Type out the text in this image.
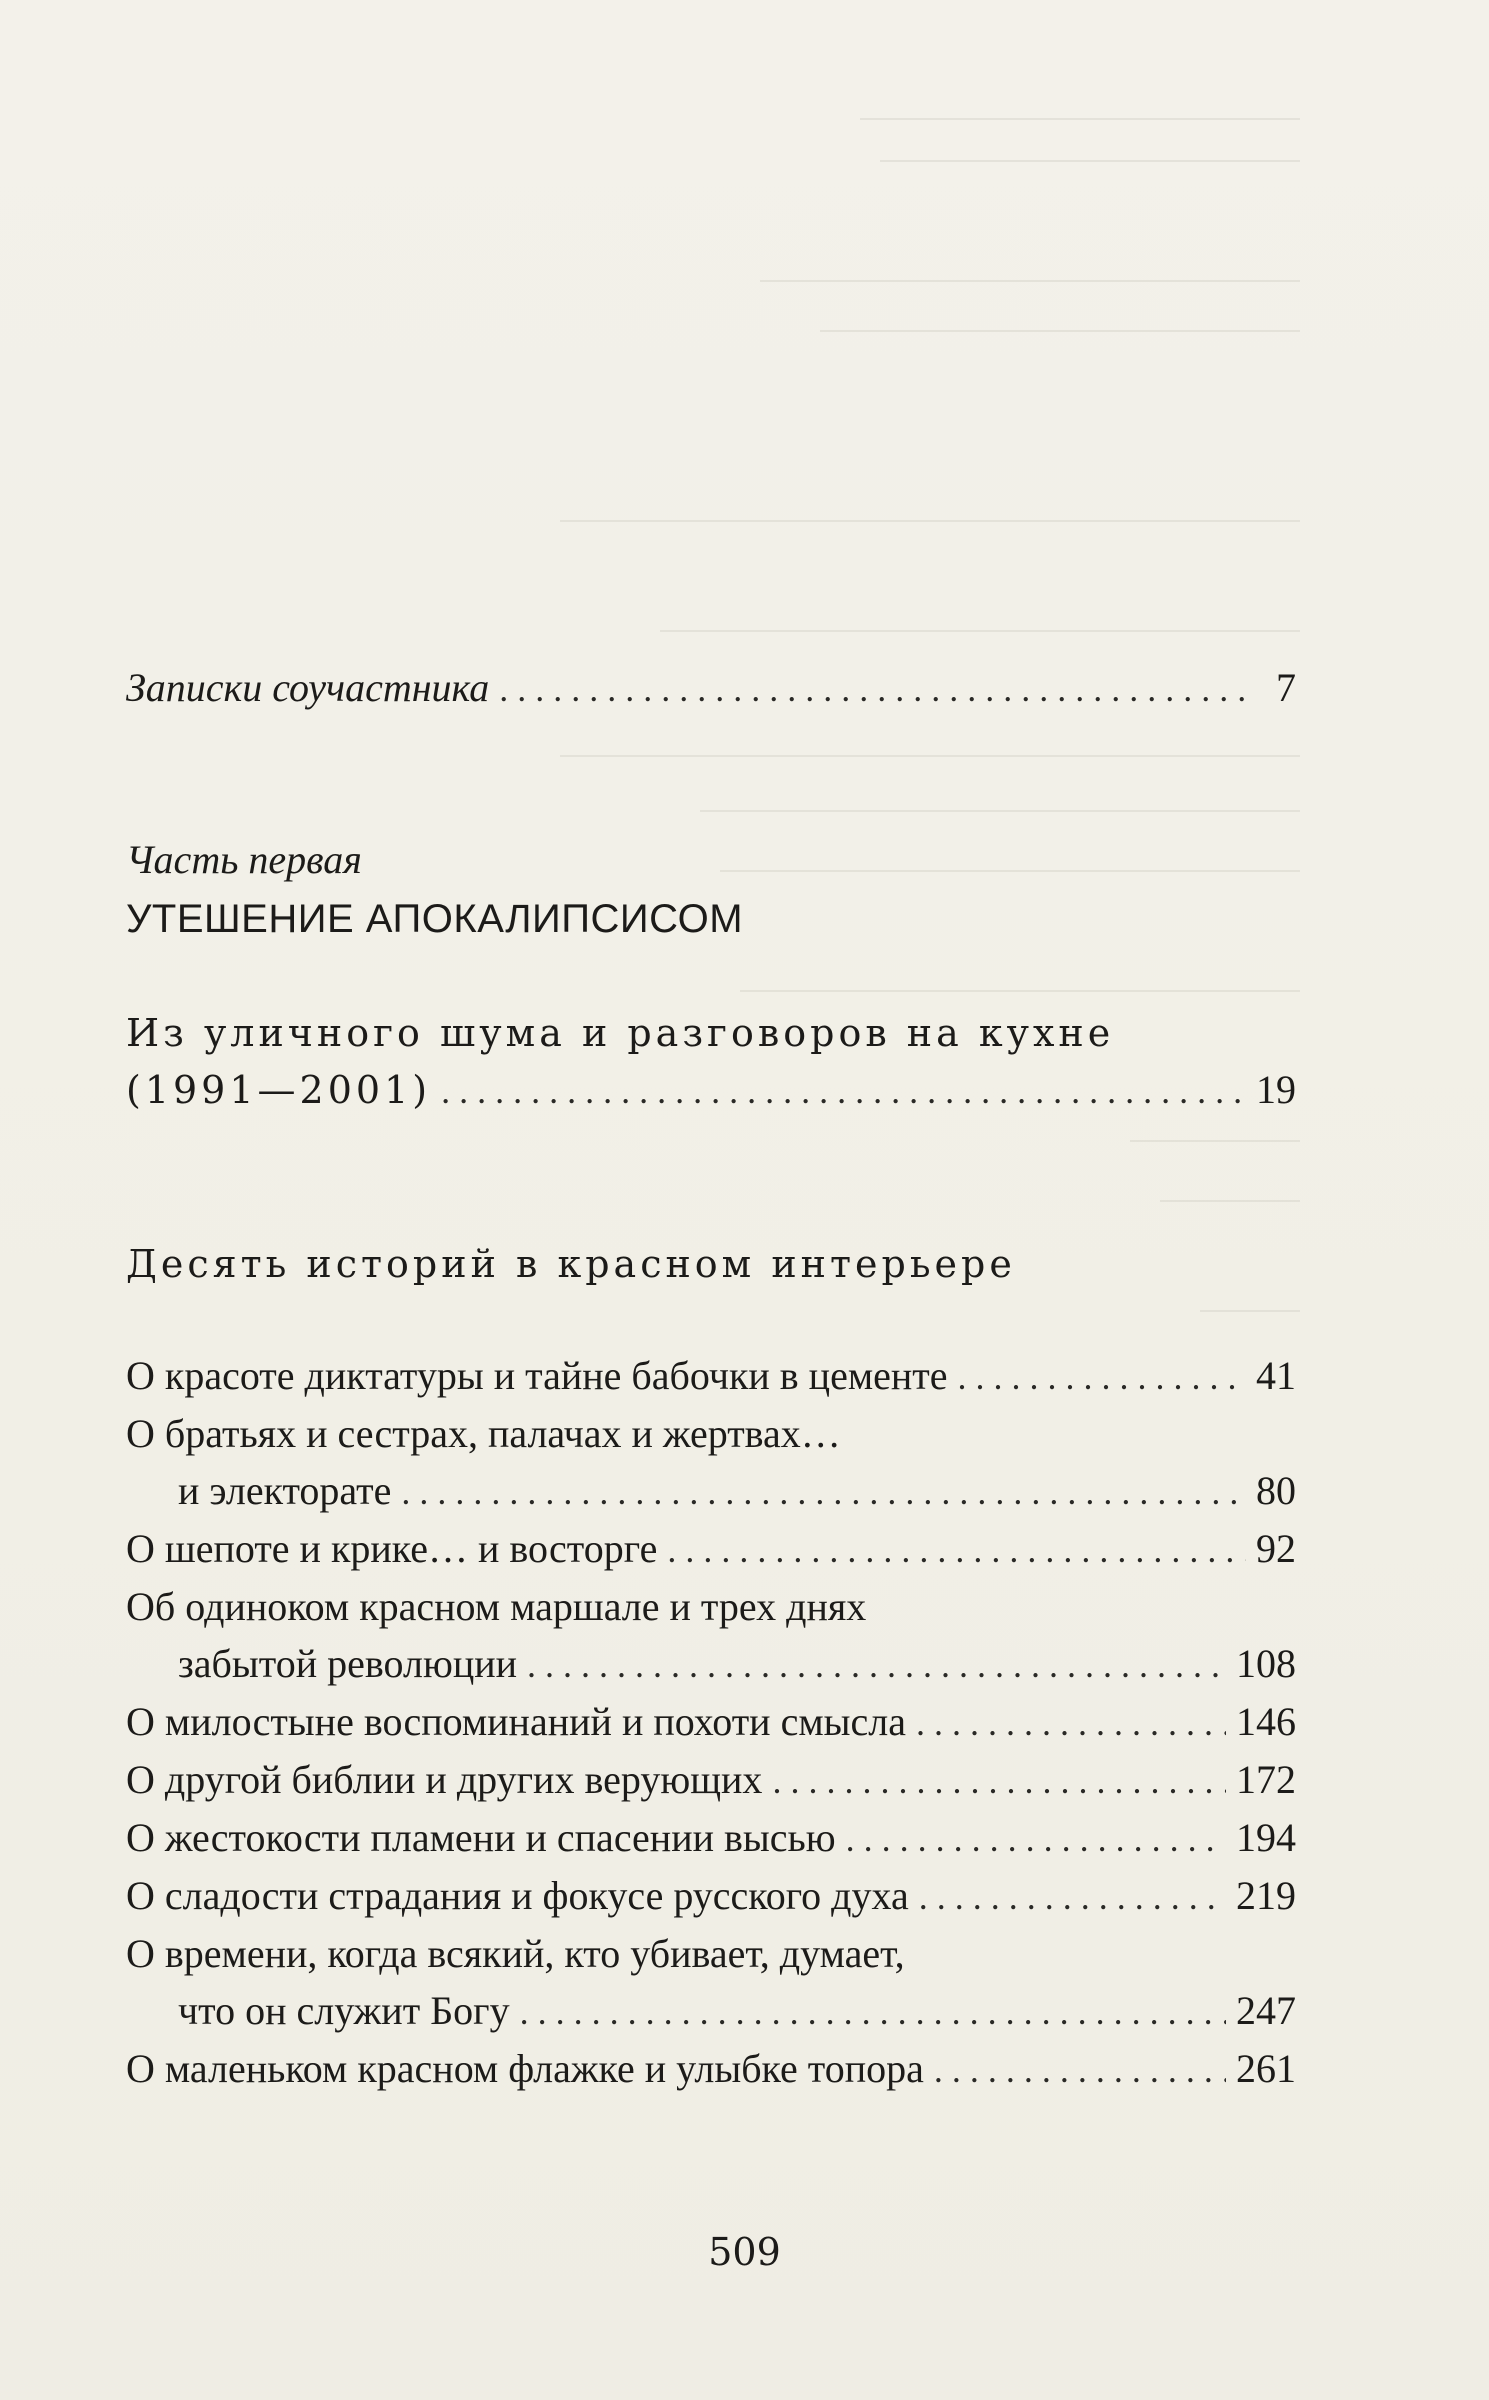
Записки соучастника . . .	7
Часть первая
УТЕШЕНИЕ АПОКАЛИПСИСОМ
Из уличного шума и разговоров на кухне
(1991—2001) . . .	19
Десять историй в красном интерьере
О красоте диктатуры и тайне бабочки в цементе . . .	41
О братьях и сестрах, палачах и жертвах…
и электорате . . .	80
О шепоте и крике… и восторге . . .	92
Об одиноком красном маршале и трех днях
забытой революции . . .	108
О милостыне воспоминаний и похоти смысла . . .	146
О другой библии и других верующих . . .	172
О жестокости пламени и спасении высью . . .	194
О сладости страдания и фокусе русского духа . . .	219
О времени, когда всякий, кто убивает, думает,
что он служит Богу . . .	247
О маленьком красном флажке и улыбке топора . . .	261
509
